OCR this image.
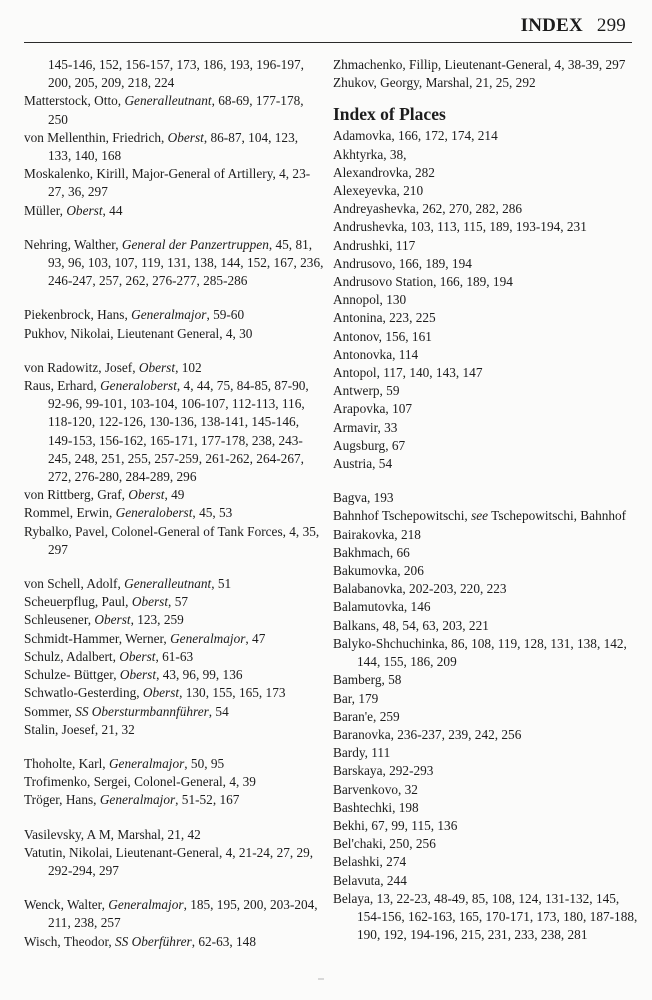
INDEX 299
145-146, 152, 156-157, 173, 186, 193, 196-197, 200, 205, 209, 218, 224
Matterstock, Otto, Generalleutnant, 68-69, 177-178, 250
von Mellenthin, Friedrich, Oberst, 86-87, 104, 123, 133, 140, 168
Moskalenko, Kirill, Major-General of Artillery, 4, 23-27, 36, 297
Müller, Oberst, 44
Nehring, Walther, General der Panzertruppen, 45, 81, 93, 96, 103, 107, 119, 131, 138, 144, 152, 167, 236, 246-247, 257, 262, 276-277, 285-286
Piekenbrock, Hans, Generalmajor, 59-60
Pukhov, Nikolai, Lieutenant General, 4, 30
von Radowitz, Josef, Oberst, 102
Raus, Erhard, Generaloberst, 4, 44, 75, 84-85, 87-90, 92-96, 99-101, 103-104, 106-107, 112-113, 116, 118-120, 122-126, 130-136, 138-141, 145-146, 149-153, 156-162, 165-171, 177-178, 238, 243-245, 248, 251, 255, 257-259, 261-262, 264-267, 272, 276-280, 284-289, 296
von Rittberg, Graf, Oberst, 49
Rommel, Erwin, Generaloberst, 45, 53
Rybalko, Pavel, Colonel-General of Tank Forces, 4, 35, 297
von Schell, Adolf, Generalleutnant, 51
Scheuerpflug, Paul, Oberst, 57
Schleusener, Oberst, 123, 259
Schmidt-Hammer, Werner, Generalmajor, 47
Schulz, Adalbert, Oberst, 61-63
Schulze- Büttger, Oberst, 43, 96, 99, 136
Schwatlo-Gesterding, Oberst, 130, 155, 165, 173
Sommer, SS Obersturmbannführer, 54
Stalin, Joesef, 21, 32
Thoholte, Karl, Generalmajor, 50, 95
Trofimenko, Sergei, Colonel-General, 4, 39
Tröger, Hans, Generalmajor, 51-52, 167
Vasilevsky, A M, Marshal, 21, 42
Vatutin, Nikolai, Lieutenant-General, 4, 21-24, 27, 29, 292-294, 297
Wenck, Walter, Generalmajor, 185, 195, 200, 203-204, 211, 238, 257
Wisch, Theodor, SS Oberführer, 62-63, 148
Zhmachenko, Fillip, Lieutenant-General, 4, 38-39, 297
Zhukov, Georgy, Marshal, 21, 25, 292
Index of Places
Adamovka, 166, 172, 174, 214
Akhtyrka, 38,
Alexandrovka, 282
Alexeyevka, 210
Andreyashevka, 262, 270, 282, 286
Andrushevka, 103, 113, 115, 189, 193-194, 231
Andrushki, 117
Andrusovo, 166, 189, 194
Andrusovo Station, 166, 189, 194
Annopol, 130
Antonina, 223, 225
Antonov, 156, 161
Antonovka, 114
Antopol, 117, 140, 143, 147
Antwerp, 59
Arapovka, 107
Armavir, 33
Augsburg, 67
Austria, 54
Bagva, 193
Bahnhof Tschepowitschi, see Tschepowitschi, Bahnhof
Bairakovka, 218
Bakhmach, 66
Bakumovka, 206
Balabanovka, 202-203, 220, 223
Balamutovka, 146
Balkans, 48, 54, 63, 203, 221
Balyko-Shchuchinka, 86, 108, 119, 128, 131, 138, 142, 144, 155, 186, 209
Bamberg, 58
Bar, 179
Baran'e, 259
Baranovka, 236-237, 239, 242, 256
Bardy, 111
Barskaya, 292-293
Barvenkovo, 32
Bashtechki, 198
Bekhi, 67, 99, 115, 136
Bel'chaki, 250, 256
Belashki, 274
Belavuta, 244
Belaya, 13, 22-23, 48-49, 85, 108, 124, 131-132, 145, 154-156, 162-163, 165, 170-171, 173, 180, 187-188, 190, 192, 194-196, 215, 231, 233, 238, 281
